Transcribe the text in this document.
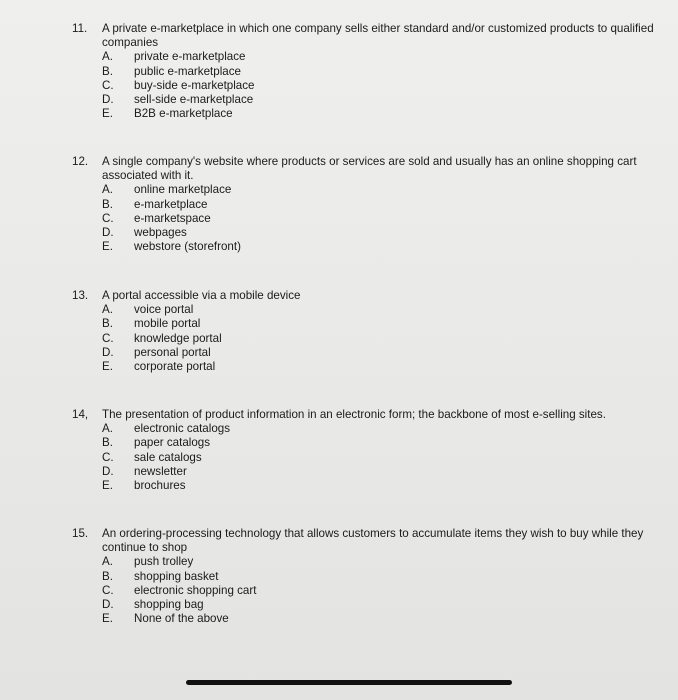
11.	A private e-marketplace in which one company sells either standard and/or customized products to qualified companies
A.	private e-marketplace
B.	public e-marketplace
C.	buy-side e-marketplace
D.	sell-side e-marketplace
E.	B2B e-marketplace
12.	A single company's website where products or services are sold and usually has an online shopping cart associated with it.
A.	online marketplace
B.	e-marketplace
C.	e-marketspace
D.	webpages
E.	webstore (storefront)
13.	A portal accessible via a mobile device
A.	voice portal
B.	mobile portal
C.	knowledge portal
D.	personal portal
E.	corporate portal
14,	The presentation of product information in an electronic form; the backbone of most e-selling sites.
A.	electronic catalogs
B.	paper catalogs
C.	sale catalogs
D.	newsletter
E.	brochures
15.	An ordering-processing technology that allows customers to accumulate items they wish to buy while they continue to shop
A.	push trolley
B.	shopping basket
C.	electronic shopping cart
D.	shopping bag
E.	None of the above
